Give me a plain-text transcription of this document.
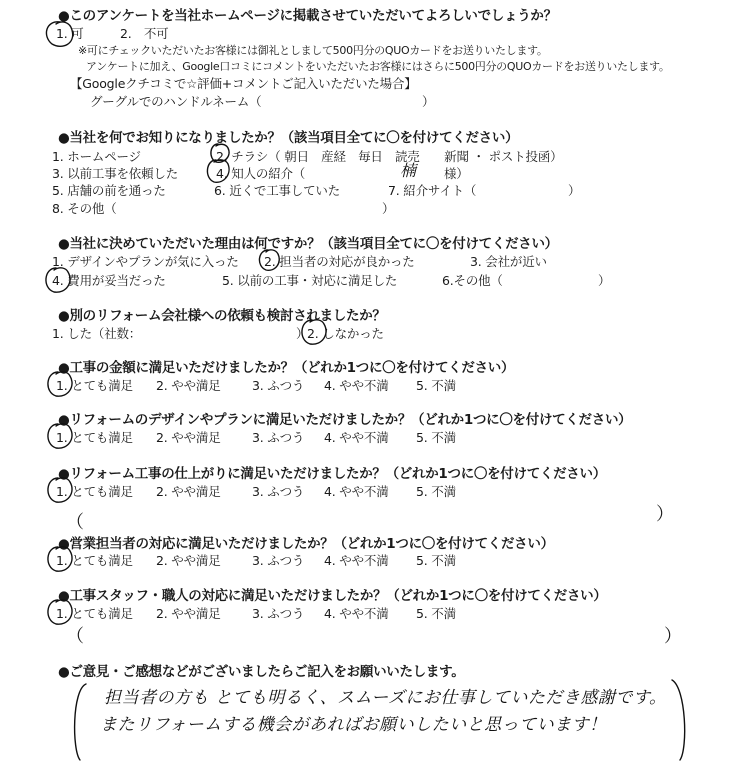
●このアンケートを当社ホームページに掲載させていただいてよろしいでしょうか？
1. 可	2.　不可
※可にチェックいただいたお客様には御礼としまして500円分のQUOカードをお送りいたします。
アンケートに加え、Google口コミにコメントをいただいたお客様にはさらに500円分のQUOカードをお送りいたします。
【Googleクチコミで☆評価+コメントご記入いただいた場合】
グーグルでのハンドルネーム（	）
●当社を何でお知りになりましたか？（該当項目全てに〇を付けてください）
1. ホームページ	2. チラシ（ 朝日　産経　毎日　読売　　新聞 ・ ポスト投函）
3. 以前工事を依頼した	4. 知人の紹介（	楠 様）
5. 店舗の前を通った	6. 近くで工事していた	7. 紹介サイト（	）
8. その他（	）
●当社に決めていただいた理由は何ですか？（該当項目全てに〇を付けてください）
1. デザインやプランが気に入った 2. 担当者の対応が良かった	3. 会社が近い
4. 費用が妥当だった	5. 以前の工事・対応に満足した	6.その他（	）
●別のリフォーム会社様への依頼も検討されましたか？
1. した（社数：	）
2. しなかった
●工事の金額に満足いただけましたか？（どれか1つに〇を付けてください）
1. とても満足 2. やや満足	3. ふつう 4. やや不満 5. 不満
●リフォームのデザインやプランに満足いただけましたか？（どれか1つに〇を付けてください）
1. とても満足 2. やや満足	3. ふつう 4. やや不満 5. 不満
●リフォーム工事の仕上がりに満足いただけましたか？（どれか1つに〇を付けてください）
1. とても満足 2. やや満足	3. ふつう 4. やや不満 5. 不満
（	）
●営業担当者の対応に満足いただけましたか？（どれか1つに〇を付けてください）
1. とても満足 2. やや満足	3. ふつう 4. やや不満 5. 不満
●工事スタッフ・職人の対応に満足いただけましたか？（どれか1つに〇を付けてください）
1. とても満足 2. やや満足	3. ふつう 4. やや不満 5. 不満
（	）
●ご意見・ご感想などがございましたらご記入をお願いいたします。
担当者の方も とても明るく、スムーズにお仕事していただき感謝です。
またリフォームする機会があればお願いしたいと思っています！
